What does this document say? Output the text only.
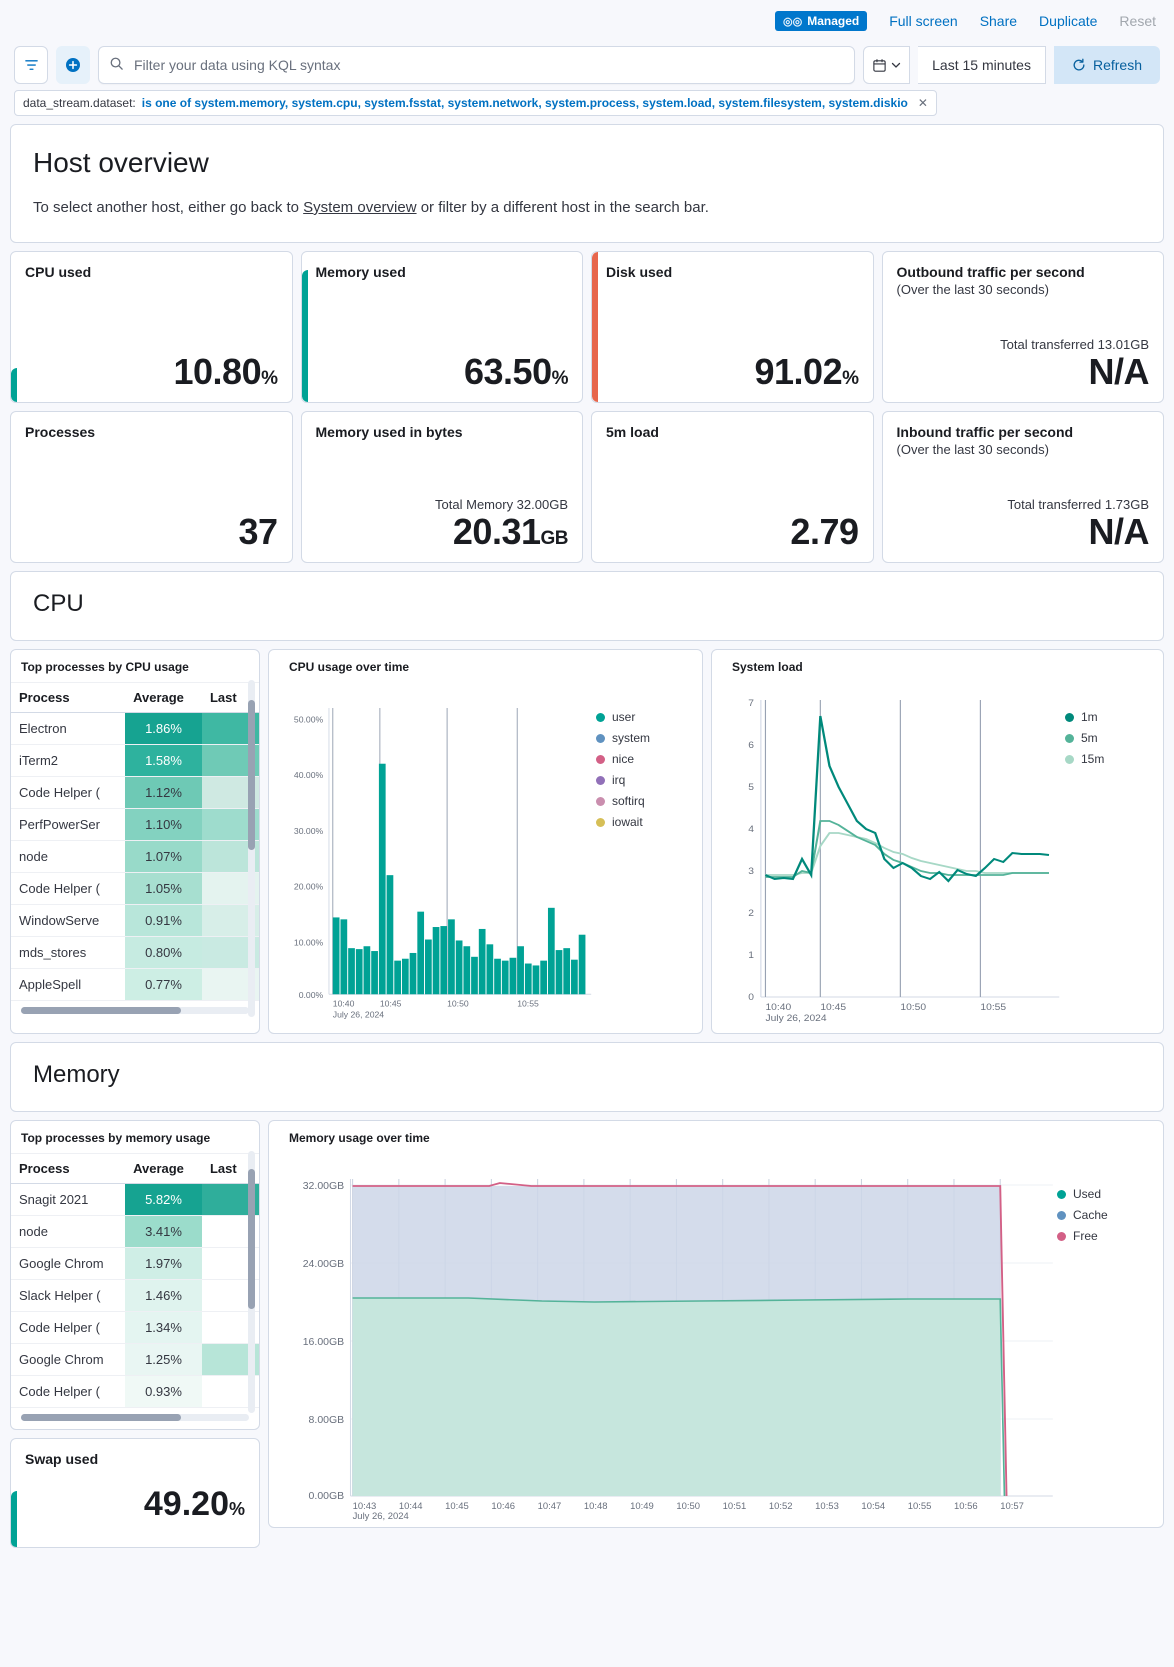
◎◎ Managed Full screen Share Duplicate Reset
Filter your data using KQL syntax
Last 15 minutes	Refresh
data_stream.dataset: is one of system.memory, system.cpu, system.fsstat, system.network, system.process, system.load, system.filesystem, system.diskio ✕
Host overview

To select another host, either go back to System overview or filter by a different host in the search bar.

CPU used
10.80%
Memory used
63.50%
Disk used
91.02%
Outbound traffic per second
(Over the last 30 seconds)
Total transferred 13.01GB
N/A
Processes
37
Memory used in bytes
Total Memory 32.00GB
20.31GB
5m load
2.79
Inbound traffic per second
(Over the last 30 seconds)
Total transferred 1.73GB
N/A
CPU
Top processes by CPU usage
Process	Average	Last
Electron	1.86%	
iTerm2	1.58%	
Code Helper (	1.12%	
PerfPowerSer	1.10%	
node	1.07%	
Code Helper (	1.05%	
WindowServe	0.91%	
mds_stores	0.80%	
AppleSpell	0.77%	
CPU usage over time
50.00%
40.00%
30.00%
20.00%
10.00%
0.00%
10:40	10:45	10:50	10:55
July 26, 2024
user
system
nice
irq
softirq
iowait
System load
7
6
5
4
3
2
1
0
10:40	10:45	10:50	10:55
July 26, 2024
1m
5m
15m
Memory
Top processes by memory usage
Process	Average	Last
Snagit 2021	5.82%	
node	3.41%	
Google Chrom	1.97%	
Slack Helper (	1.46%	
Code Helper (	1.34%	
Google Chrom	1.25%	
Code Helper (	0.93%	
Swap used
49.20%
Memory usage over time
32.00GB
24.00GB
16.00GB
8.00GB
0.00GB
10:43	10:44	10:45	10:46	10:47	10:48	10:49	10:50	10:51	10:52	10:53	10:54	10:55	10:56	10:57
July 26, 2024
Used
Cache
Free
